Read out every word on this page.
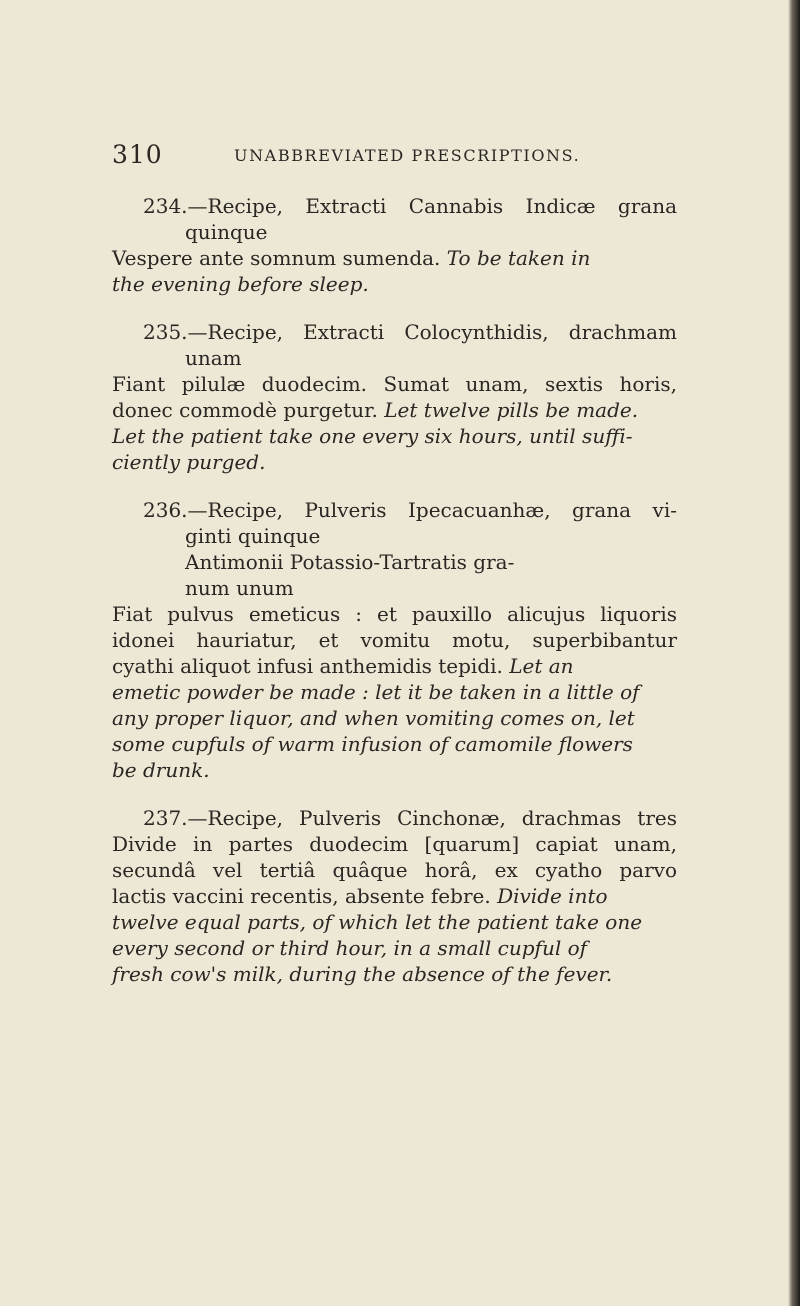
310	UNABBREVIATED PRESCRIPTIONS.
234.—Recipe, Extracti Cannabis Indicæ grana
quinque
Vespere ante somnum sumenda. To be taken in
the evening before sleep.
235.—Recipe, Extracti Colocynthidis, drachmam
unam
Fiant pilulæ duodecim. Sumat unam, sextis horis,
donec commodè purgetur. Let twelve pills be made.
Let the patient take one every six hours, until suffi-
ciently purged.
236.—Recipe, Pulveris Ipecacuanhæ, grana vi-
ginti quinque
Antimonii Potassio-Tartratis gra-
num unum
Fiat pulvus emeticus : et pauxillo alicujus liquoris
idonei hauriatur, et vomitu motu, superbibantur
cyathi aliquot infusi anthemidis tepidi. Let an
emetic powder be made : let it be taken in a little of
any proper liquor, and when vomiting comes on, let
some cupfuls of warm infusion of camomile flowers
be drunk.
237.—Recipe, Pulveris Cinchonæ, drachmas tres
Divide in partes duodecim [quarum] capiat unam,
secundâ vel tertiâ quâque horâ, ex cyatho parvo
lactis vaccini recentis, absente febre. Divide into
twelve equal parts, of which let the patient take one
every second or third hour, in a small cupful of
fresh cow's milk, during the absence of the fever.
